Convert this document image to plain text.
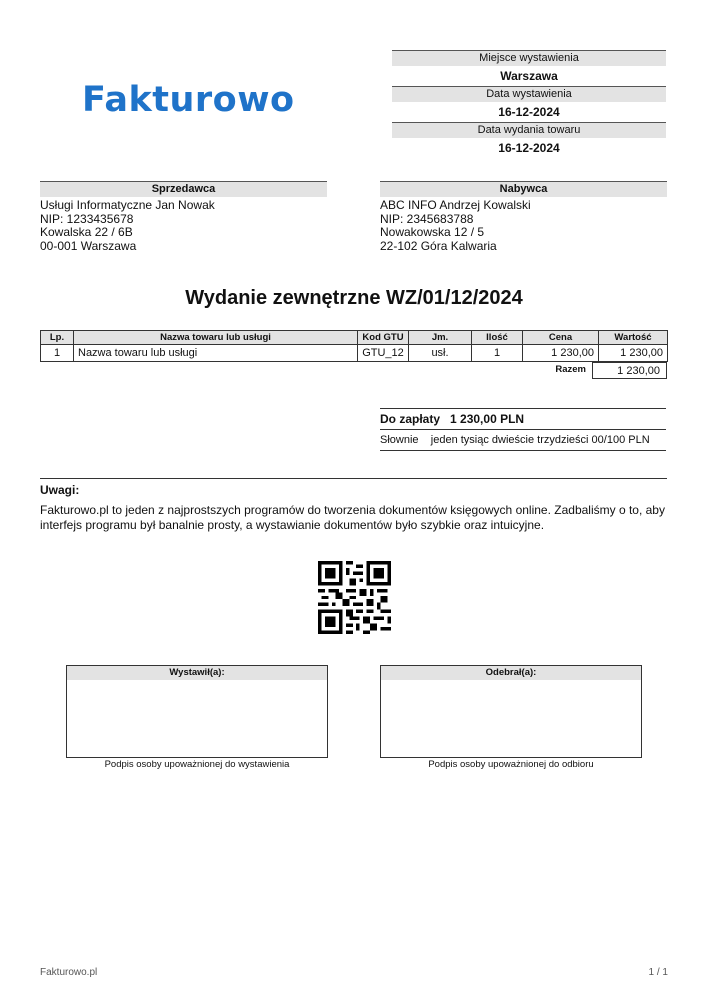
Fakturowo
Miejsce wystawienia
Warszawa
Data wystawienia
16-12-2024
Data wydania towaru
16-12-2024
Sprzedawca
Usługi Informatyczne Jan Nowak
NIP: 1233435678
Kowalska 22 / 6B
00-001 Warszawa
Nabywca
ABC INFO Andrzej Kowalski
NIP: 2345683788
Nowakowska 12 / 5
22-102 Góra Kalwaria
Wydanie zewnętrzne WZ/01/12/2024
Lp.	Nazwa towaru lub usługi	Kod GTU	Jm.	Ilość	Cena	Wartość
1	Nazwa towaru lub usługi	GTU_12	usł.	1	1 230,00	1 230,00
Razem	1 230,00
Do zapłaty 1 230,00 PLN
Słownie jeden tysiąc dwieście trzydzieści 00/100 PLN
Uwagi:
Fakturowo.pl to jeden z najprostszych programów do tworzenia dokumentów księgowych online. Zadbaliśmy o to, aby interfejs programu był banalnie prosty, a wystawianie dokumentów było szybkie oraz intuicyjne.
Wystawił(a):
Podpis osoby upoważnionej do wystawienia
Odebrał(a):
Podpis osoby upoważnionej do odbioru
Fakturowo.pl	1 / 1
